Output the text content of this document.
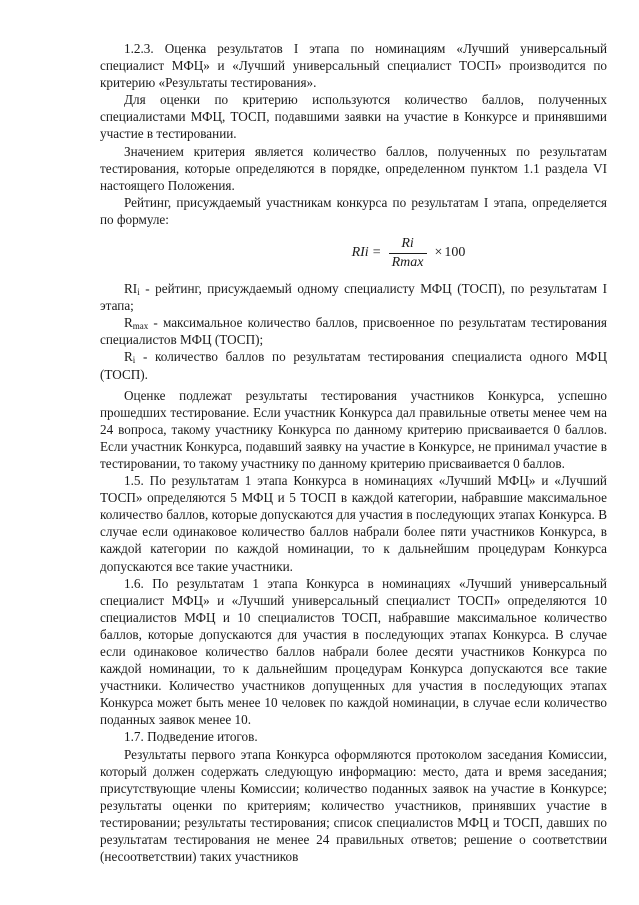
1.2.3. Оценка результатов I этапа по номинациям «Лучший универсальный специалист МФЦ» и «Лучший универсальный специалист ТОСП» производится по критерию «Результаты тестирования».

Для оценки по критерию используются количество баллов, полученных специалистами МФЦ, ТОСП, подавшими заявки на участие в Конкурсе и принявшими участие в тестировании.

Значением критерия является количество баллов, полученных по результатам тестирования, которые определяются в порядке, определенном пунктом 1.1 раздела VI настоящего Положения.

Рейтинг, присуждаемый участникам конкурса по результатам I этапа, определяется по формуле:

RIi = $\frac{Ri}{Rmax} \times 100$

$RI_i$ - рейтинг, присуждаемый одному специалисту МФЦ (ТОСП), по результатам I этапа;

$R_{max}$ - максимальное количество баллов, присвоенное по результатам тестирования специалистов МФЦ (ТОСП);

$R_i$ - количество баллов по результатам тестирования специалиста одного МФЦ (ТОСП).

Оценке подлежат результаты тестирования участников Конкурса, успешно прошедших тестирование. Если участник Конкурса дал правильные ответы менее чем на 24 вопроса, такому участнику Конкурса по данному критерию присваивается 0 баллов. Если участник Конкурса, подавший заявку на участие в Конкурсе, не принимал участие в тестировании, то такому участнику по данному критерию присваивается 0 баллов.

1.5. По результатам 1 этапа Конкурса в номинациях «Лучший МФЦ» и «Лучший ТОСП» определяются 5 МФЦ и 5 ТОСП в каждой категории, набравшие максимальное количество баллов, которые допускаются для участия в последующих этапах Конкурса. В случае если одинаковое количество баллов набрали более пяти участников Конкурса, в каждой категории по каждой номинации, то к дальнейшим процедурам Конкурса допускаются все такие участники.

1.6. По результатам 1 этапа Конкурса в номинациях «Лучший универсальный специалист МФЦ» и «Лучший универсальный специалист ТОСП» определяются 10 специалистов МФЦ и 10 специалистов ТОСП, набравшие максимальное количество баллов, которые допускаются для участия в последующих этапах Конкурса. В случае если одинаковое количество баллов набрали более десяти участников Конкурса по каждой номинации, то к дальнейшим процедурам Конкурса допускаются все такие участники. Количество участников допущенных для участия в последующих этапах Конкурса может быть менее 10 человек по каждой номинации, в случае если количество поданных заявок менее 10.

1.7. Подведение итогов.

Результаты первого этапа Конкурса оформляются протоколом заседания Комиссии, который должен содержать следующую информацию: место, дата и время заседания; присутствующие члены Комиссии; количество поданных заявок на участие в Конкурсе; результаты оценки по критериям; количество участников, принявших участие в тестировании; результаты тестирования; список специалистов МФЦ и ТОСП, давших по результатам тестирования не менее 24 правильных ответов; решение о соответствии (несоответствии) таких участников
